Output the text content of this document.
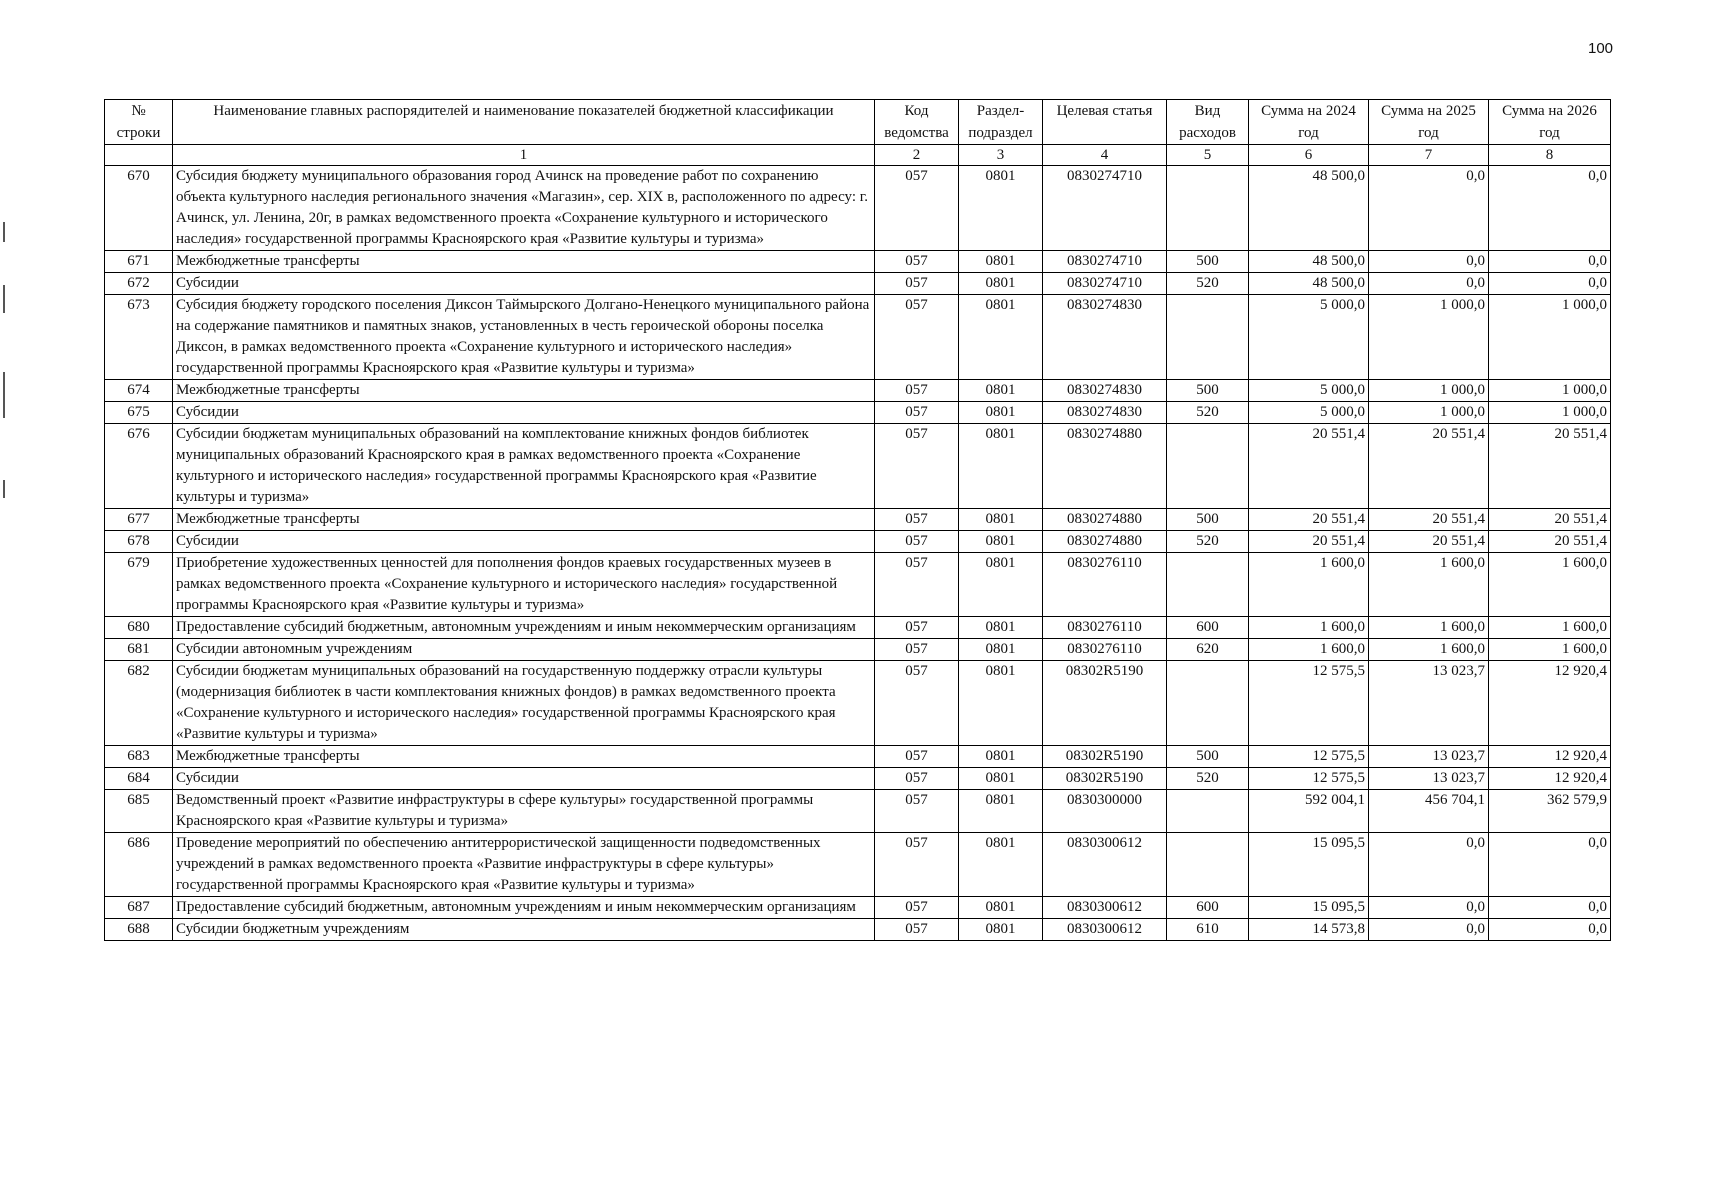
100
№ строки	Наименование главных распорядителей и наименование показателей бюджетной классификации	Код ведомства	Раздел-подраздел	Целевая статья	Вид расходов	Сумма на 2024 год	Сумма на 2025 год	Сумма на 2026 год
	1	2	3	4	5	6	7	8
670	Субсидия бюджету муниципального образования город Ачинск на проведение работ по сохранению объекта культурного наследия регионального значения «Магазин», сер. XIX в, расположенного по адресу: г. Ачинск, ул. Ленина, 20г, в рамках ведомственного проекта «Сохранение культурного и исторического наследия» государственной программы Красноярского края «Развитие культуры и туризма»	057	0801	0830274710		48 500,0	0,0	0,0
671	Межбюджетные трансферты	057	0801	0830274710	500	48 500,0	0,0	0,0
672	Субсидии	057	0801	0830274710	520	48 500,0	0,0	0,0
673	Субсидия бюджету городского поселения Диксон Таймырского Долгано-Ненецкого муниципального района на содержание памятников и памятных знаков, установленных в честь героической обороны поселка Диксон, в рамках ведомственного проекта «Сохранение культурного и исторического наследия» государственной программы Красноярского края «Развитие культуры и туризма»	057	0801	0830274830		5 000,0	1 000,0	1 000,0
674	Межбюджетные трансферты	057	0801	0830274830	500	5 000,0	1 000,0	1 000,0
675	Субсидии	057	0801	0830274830	520	5 000,0	1 000,0	1 000,0
676	Субсидии бюджетам муниципальных образований на комплектование книжных фондов библиотек муниципальных образований Красноярского края в рамках ведомственного проекта «Сохранение культурного и исторического наследия» государственной программы Красноярского края «Развитие культуры и туризма»	057	0801	0830274880		20 551,4	20 551,4	20 551,4
677	Межбюджетные трансферты	057	0801	0830274880	500	20 551,4	20 551,4	20 551,4
678	Субсидии	057	0801	0830274880	520	20 551,4	20 551,4	20 551,4
679	Приобретение художественных ценностей для пополнения фондов краевых государственных музеев в рамках ведомственного проекта «Сохранение культурного и исторического наследия» государственной программы Красноярского края «Развитие культуры и туризма»	057	0801	0830276110		1 600,0	1 600,0	1 600,0
680	Предоставление субсидий бюджетным, автономным учреждениям и иным некоммерческим организациям	057	0801	0830276110	600	1 600,0	1 600,0	1 600,0
681	Субсидии автономным учреждениям	057	0801	0830276110	620	1 600,0	1 600,0	1 600,0
682	Субсидии бюджетам муниципальных образований на государственную поддержку отрасли культуры (модернизация библиотек в части комплектования книжных фондов) в рамках ведомственного проекта «Сохранение культурного и исторического наследия» государственной программы Красноярского края «Развитие культуры и туризма»	057	0801	08302R5190		12 575,5	13 023,7	12 920,4
683	Межбюджетные трансферты	057	0801	08302R5190	500	12 575,5	13 023,7	12 920,4
684	Субсидии	057	0801	08302R5190	520	12 575,5	13 023,7	12 920,4
685	Ведомственный проект «Развитие инфраструктуры в сфере культуры» государственной программы Красноярского края «Развитие культуры и туризма»	057	0801	0830300000		592 004,1	456 704,1	362 579,9
686	Проведение мероприятий по обеспечению антитеррористической защищенности подведомственных учреждений в рамках ведомственного проекта «Развитие инфраструктуры в сфере культуры» государственной программы Красноярского края «Развитие культуры и туризма»	057	0801	0830300612		15 095,5	0,0	0,0
687	Предоставление субсидий бюджетным, автономным учреждениям и иным некоммерческим организациям	057	0801	0830300612	600	15 095,5	0,0	0,0
688	Субсидии бюджетным учреждениям	057	0801	0830300612	610	14 573,8	0,0	0,0
